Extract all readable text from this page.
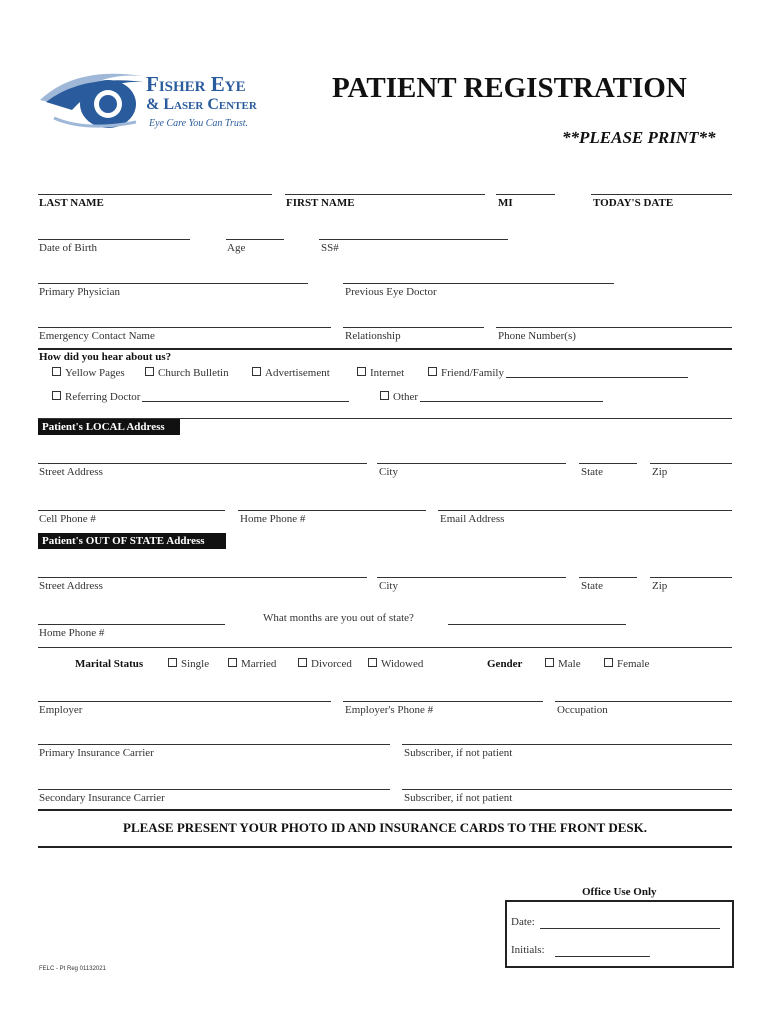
Fisher Eye
& Laser Center
Eye Care You Can Trust.
PATIENT REGISTRATION
**PLEASE PRINT**
LAST NAME	FIRST NAME	MI	TODAY'S DATE
Date of Birth	Age	SS#
Primary Physician	Previous Eye Doctor
Emergency Contact Name	Relationship	Phone Number(s)
How did you hear about us?
Yellow Pages	Church Bulletin	Advertisement	Internet	Friend/Family
Referring Doctor	Other
Patient's LOCAL Address
Street Address	City	State	Zip
Cell Phone #	Home Phone #	Email Address
Patient's OUT OF STATE Address
Street Address	City	State	Zip
What months are you out of state?
Home Phone #
Marital Status	Single	Married	Divorced	Widowed	Gender	Male	Female
Employer	Employer's Phone #	Occupation
Primary Insurance Carrier	Subscriber, if not patient
Secondary Insurance Carrier	Subscriber, if not patient
PLEASE PRESENT YOUR PHOTO ID AND INSURANCE CARDS TO THE FRONT DESK.
Office Use Only
Date:
Initials:
FELC - Pt Reg 01132021
